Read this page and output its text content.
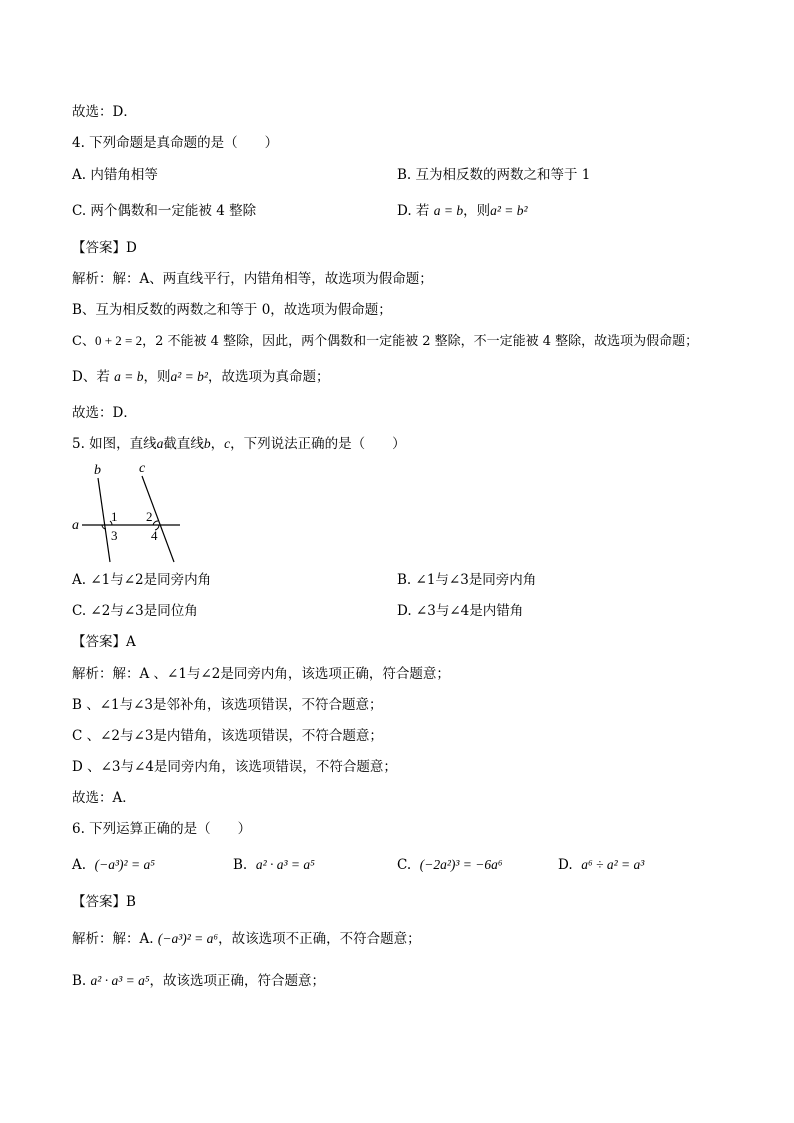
故选：D．
4. 下列命题是真命题的是（　　）
A. 内错角相等	B. 互为相反数的两数之和等于 1
C. 两个偶数和一定能被 4 整除	D. 若 a = b，则a² = b²
【答案】D
解析：解：A、两直线平行，内错角相等，故选项为假命题；
B、互为相反数的两数之和等于 0，故选项为假命题；
C、0 + 2 = 2，2 不能被 4 整除，因此，两个偶数和一定能被 2 整除，不一定能被 4 整除，故选项为假命题；
D、若 a = b，则a² = b²，故选项为真命题；
故选：D．
5. 如图，直线a截直线b，c，下列说法正确的是（　　）
b	c
a
1 2
3	4
A. ∠1与∠2是同旁内角	B. ∠1与∠3是同旁内角
C. ∠2与∠3是同位角	D. ∠3与∠4是内错角
【答案】A
解析：解：A 、∠1与∠2是同旁内角，该选项正确，符合题意；
B 、∠1与∠3是邻补角，该选项错误，不符合题意；
C 、∠2与∠3是内错角，该选项错误，不符合题意；
D 、∠3与∠4是同旁内角，该选项错误，不符合题意；
故选：A．
6. 下列运算正确的是（　　）
A. (−a³)² = a⁵	B. a² · a³ = a⁵	C. (−2a²)³ = −6a⁶	D. a⁶ ÷ a² = a³
【答案】B
解析：解：A. (−a³)² = a⁶，故该选项不正确，不符合题意；
B. a² · a³ = a⁵，故该选项正确，符合题意；
